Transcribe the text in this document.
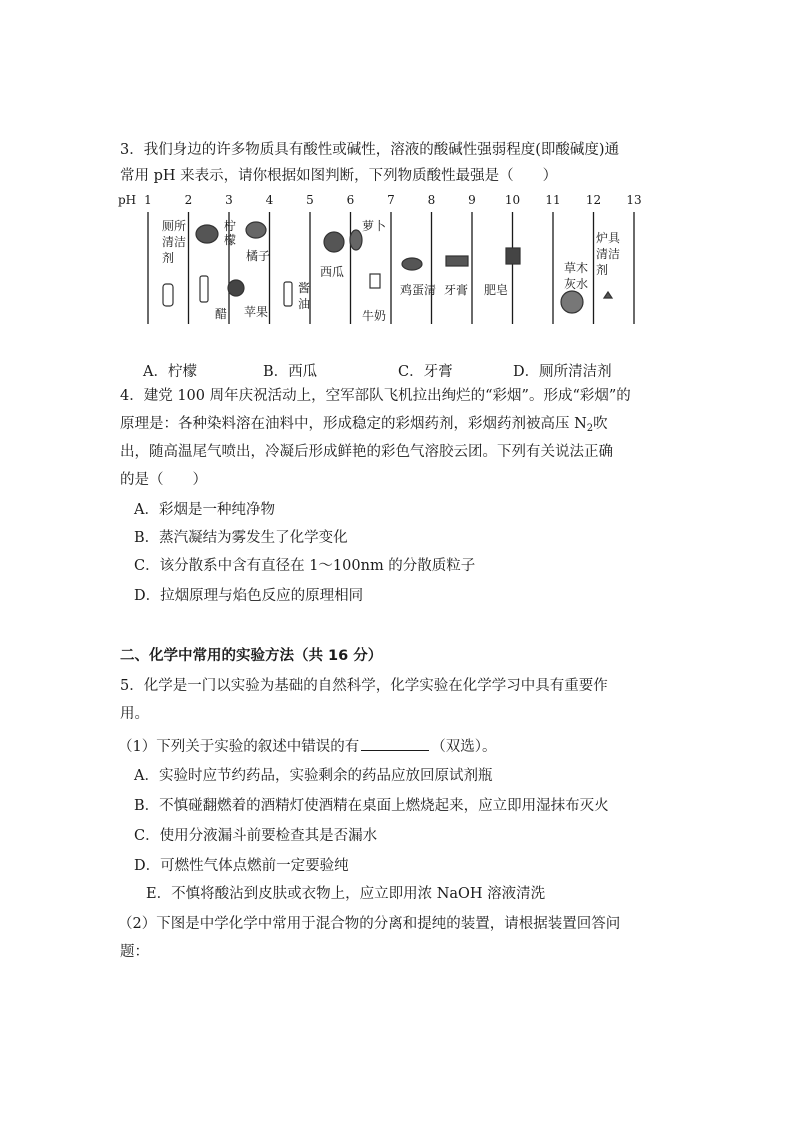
3．我们身边的许多物质具有酸性或碱性，溶液的酸碱性强弱程度(即酸碱度)通
常用 pH 来表示，请你根据如图判断，下列物质酸性最强是（　　）
pH 1	2	3	4	5	6	7	8	9 10 11 12 13
厕所清洁剂
醋
柠檬
橘子
苹果
酱油
西瓜
萝卜
牛奶
鸡蛋清 牙膏 肥皂
草木灰水
炉具清洁剂
A．柠檬	B．西瓜	C．牙膏	D．厕所清洁剂
4．建党 100 周年庆祝活动上，空军部队飞机拉出绚烂的“彩烟”。形成“彩烟”的
原理是：各种染料溶在油料中，形成稳定的彩烟药剂，彩烟药剂被高压 $N_2$吹
出，随高温尾气喷出，冷凝后形成鲜艳的彩色气溶胶云团。下列有关说法正确
的是（　　）
A．彩烟是一种纯净物
B．蒸汽凝结为雾发生了化学变化
C．该分散系中含有直径在 1～100nm 的分散质粒子
D．拉烟原理与焰色反应的原理相同
二、化学中常用的实验方法（共 16 分）
5．化学是一门以实验为基础的自然科学，化学实验在化学学习中具有重要作
用。
（1）下列关于实验的叙述中错误的有	（双选）。
A．实验时应节约药品，实验剩余的药品应放回原试剂瓶
B．不慎碰翻燃着的酒精灯使酒精在桌面上燃烧起来，应立即用湿抹布灭火
C．使用分液漏斗前要检查其是否漏水
D．可燃性气体点燃前一定要验纯
E．不慎将酸沾到皮肤或衣物上，应立即用浓 NaOH 溶液清洗
（2）下图是中学化学中常用于混合物的分离和提纯的装置，请根据装置回答问
题：
